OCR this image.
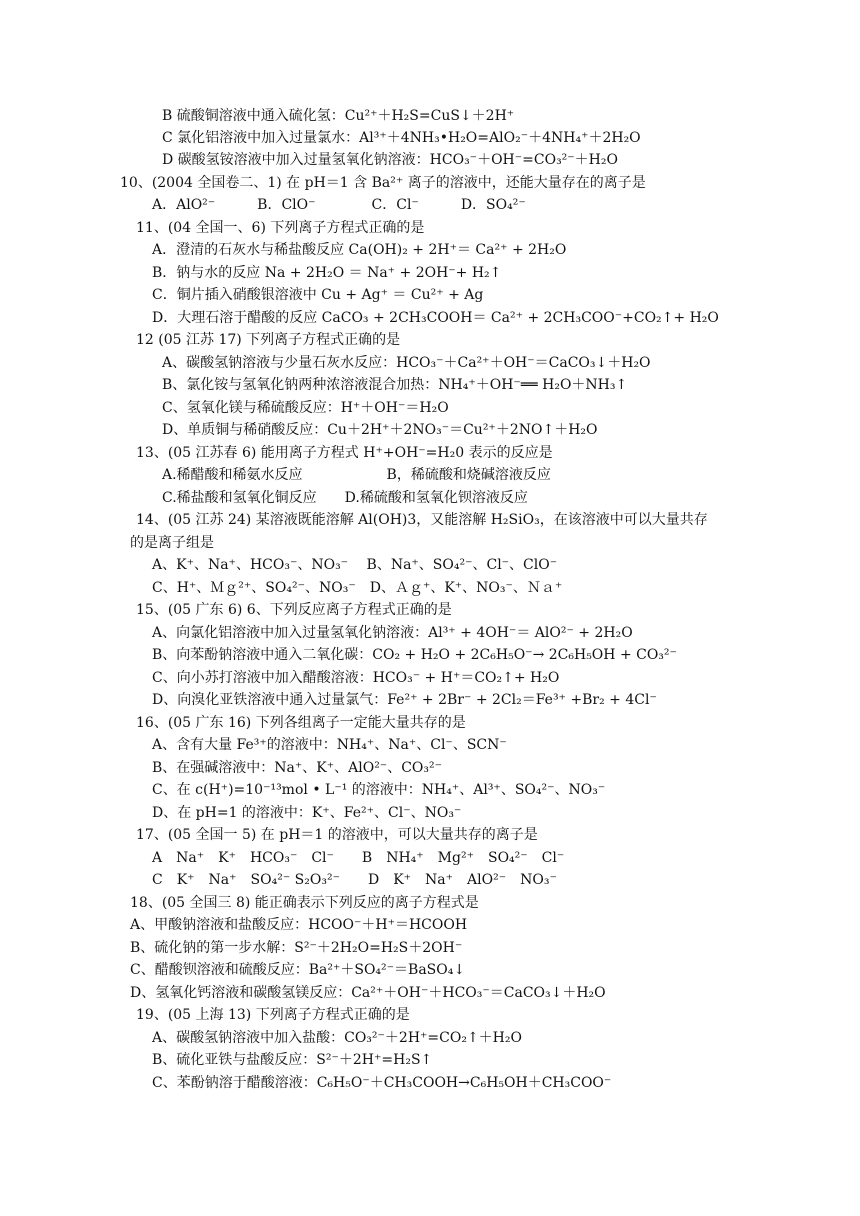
B 硫酸铜溶液中通入硫化氢：Cu²⁺＋H₂S=CuS↓＋2H⁺
C 氯化铝溶液中加入过量氯水：Al³⁺＋4NH₃•H₂O=AlO₂⁻＋4NH₄⁺＋2H₂O
D 碳酸氢铵溶液中加入过量氢氧化钠溶液：HCO₃⁻＋OH⁻=CO₃²⁻＋H₂O
10、(2004 全国卷二、1) 在 pH＝1 含 Ba²⁺ 离子的溶液中，还能大量存在的离子是
A．AlO²⁻　　　B．ClO⁻　　　　C．Cl⁻　　　D．SO₄²⁻
11、(04 全国一、6) 下列离子方程式正确的是
A．澄清的石灰水与稀盐酸反应 Ca(OH)₂ + 2H⁺＝ Ca²⁺ + 2H₂O
B．钠与水的反应 Na + 2H₂O ＝ Na⁺ + 2OH⁻+ H₂↑
C．铜片插入硝酸银溶液中 Cu + Ag⁺ ＝ Cu²⁺ + Ag
D．大理石溶于醋酸的反应 CaCO₃ + 2CH₃COOH＝ Ca²⁺ + 2CH₃COO⁻+CO₂↑+ H₂O
12 (05 江苏 17) 下列离子方程式正确的是
A、碳酸氢钠溶液与少量石灰水反应：HCO₃⁻＋Ca²⁺＋OH⁻＝CaCO₃↓＋H₂O
B、氯化铵与氢氧化钠两种浓溶液混合加热：NH₄⁺＋OH⁻══ H₂O＋NH₃↑
C、氢氧化镁与稀硫酸反应：H⁺＋OH⁻＝H₂O
D、单质铜与稀硝酸反应：Cu＋2H⁺＋2NO₃⁻＝Cu²⁺＋2NO↑＋H₂O
13、(05 江苏春 6) 能用离子方程式 H⁺+OH⁻=H₂0 表示的反应是
A.稀醋酸和稀氨水反应　　　　　　B，稀硫酸和烧碱溶液反应
C.稀盐酸和氢氧化铜反应　　D.稀硫酸和氢氧化钡溶液反应
14、(05 江苏 24) 某溶液既能溶解 Al(OH)3，又能溶解 H₂SiO₃，在该溶液中可以大量共存
的是离子组是
A、K⁺、Na⁺、HCO₃⁻、NO₃⁻　 B、Na⁺、SO₄²⁻、Cl⁻、ClO⁻
C、H⁺、Ｍｇ²⁺、SO₄²⁻、NO₃⁻　D、Ａｇ⁺、K⁺、NO₃⁻、Ｎａ⁺
15、(05 广东 6) 6、下列反应离子方程式正确的是
A、向氯化铝溶液中加入过量氢氧化钠溶液：Al³⁺ + 4OH⁻＝ AlO²⁻ + 2H₂O
B、向苯酚钠溶液中通入二氧化碳：CO₂ + H₂O + 2C₆H₅O⁻→ 2C₆H₅OH + CO₃²⁻
C、向小苏打溶液中加入醋酸溶液：HCO₃⁻ + H⁺＝CO₂↑+ H₂O
D、向溴化亚铁溶液中通入过量氯气：Fe²⁺ + 2Br⁻ + 2Cl₂＝Fe³⁺ +Br₂ + 4Cl⁻
16、(05 广东 16) 下列各组离子一定能大量共存的是
A、含有大量 Fe³⁺的溶液中：NH₄⁺、Na⁺、Cl⁻、SCN⁻
B、在强碱溶液中：Na⁺、K⁺、AlO²⁻、CO₃²⁻
C、在 c(H⁺)=10⁻¹³mol • L⁻¹ 的溶液中：NH₄⁺、Al³⁺、SO₄²⁻、NO₃⁻
D、在 pH=1 的溶液中：K⁺、Fe²⁺、Cl⁻、NO₃⁻
17、(05 全国一 5) 在 pH＝1 的溶液中，可以大量共存的离子是
A　Na⁺　K⁺　HCO₃⁻　Cl⁻　　B　NH₄⁺　Mg²⁺　SO₄²⁻　Cl⁻
C　K⁺　Na⁺　SO₄²⁻ S₂O₃²⁻　　D　K⁺　Na⁺　AlO²⁻　NO₃⁻
18、(05 全国三 8) 能正确表示下列反应的离子方程式是
A、甲酸钠溶液和盐酸反应：HCOO⁻＋H⁺＝HCOOH
B、硫化钠的第一步水解：S²⁻＋2H₂O=H₂S＋2OH⁻
C、醋酸钡溶液和硫酸反应：Ba²⁺＋SO₄²⁻＝BaSO₄↓
D、氢氧化钙溶液和碳酸氢镁反应：Ca²⁺＋OH⁻＋HCO₃⁻＝CaCO₃↓＋H₂O
19、(05 上海 13) 下列离子方程式正确的是
A、碳酸氢钠溶液中加入盐酸：CO₃²⁻＋2H⁺=CO₂↑＋H₂O
B、硫化亚铁与盐酸反应：S²⁻＋2H⁺=H₂S↑
C、苯酚钠溶于醋酸溶液：C₆H₅O⁻＋CH₃COOH→C₆H₅OH＋CH₃COO⁻
